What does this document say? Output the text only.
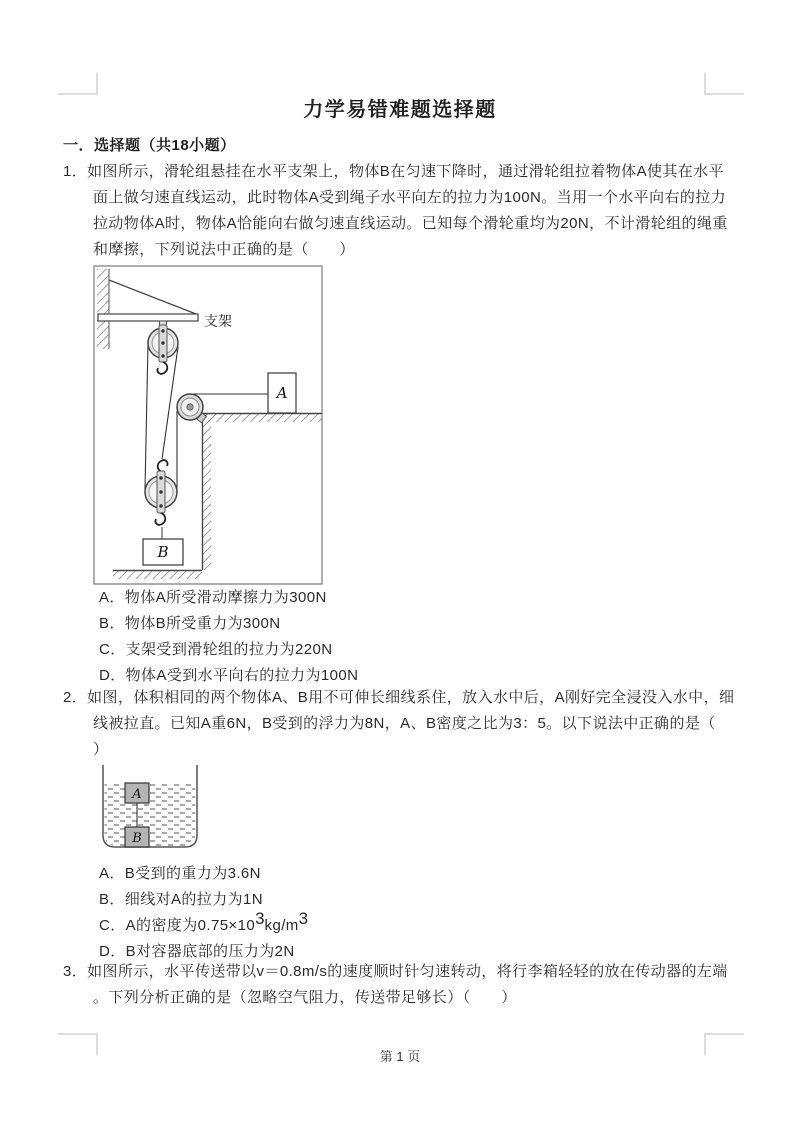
力学易错难题选择题
一．选择题（共18小题）

1．如图所示，滑轮组悬挂在水平支架上，物体B在匀速下降时，通过滑轮组拉着物体A使其在水平面上做匀速直线运动，此时物体A受到绳子水平向左的拉力为100N。当用一个水平向右的拉力拉动物体A时，物体A恰能向右做匀速直线运动。已知每个滑轮重均为20N，不计滑轮组的绳重和摩擦，下列说法中正确的是（　　）

支架
B
A
A．物体A所受滑动摩擦力为300N
B．物体B所受重力为300N
C．支架受到滑轮组的拉力为220N
D．物体A受到水平向右的拉力为100N

2．如图，体积相同的两个物体A、B用不可伸长细线系住，放入水中后，A刚好完全浸没入水中，细线被拉直。已知A重6N，B受到的浮力为8N，A、B密度之比为3：5。以下说法中正确的是（　　）

A
B
A．B受到的重力为3.6N
B．细线对A的拉力为1N
C．A的密度为0.75×103kg/m3
D．B对容器底部的压力为2N

3．如图所示，水平传送带以v＝0.8m/s的速度顺时针匀速转动，将行李箱轻轻的放在传动器的左端。下列分析正确的是（忽略空气阻力，传送带足够长）（　　）

第 1 页
